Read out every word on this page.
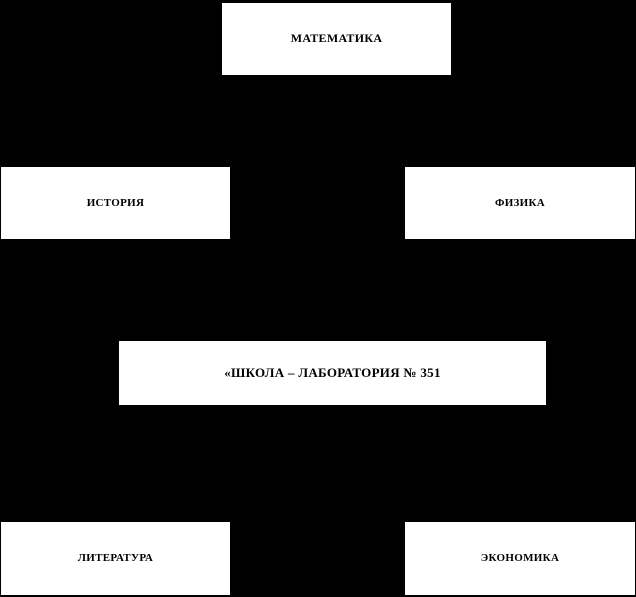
МАТЕМАТИКА
ИСТОРИЯ	ФИЗИКА
«ШКОЛА – ЛАБОРАТОРИЯ № 351
ЛИТЕРАТУРА	ЭКОНОМИКА
